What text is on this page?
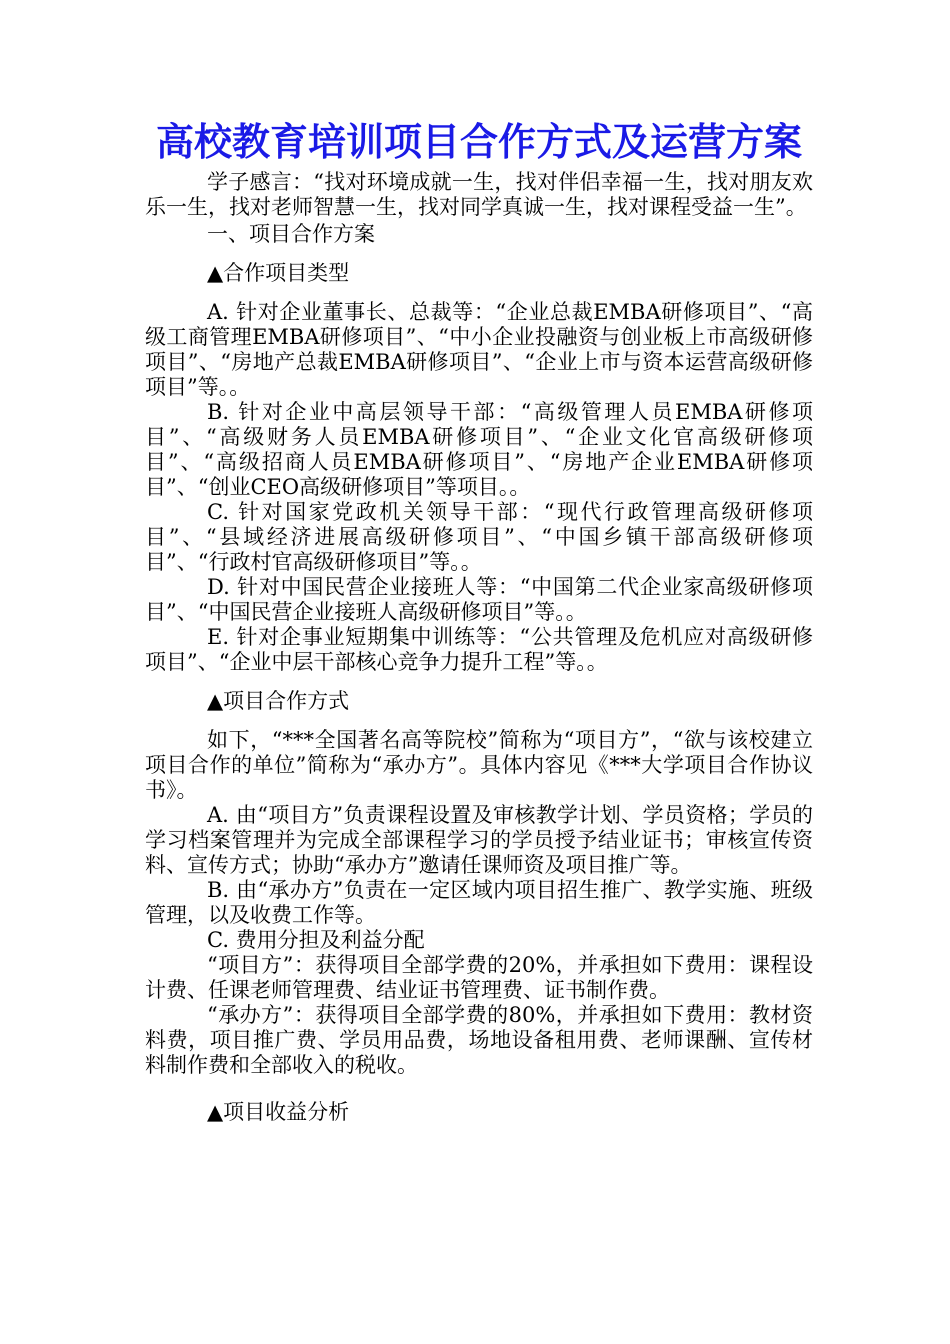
高校教育培训项目合作方式及运营方案

学子感言：“找对环境成就一生，找对伴侣幸福一生，找对朋友欢乐一生，找对老师智慧一生，找对同学真诚一生，找对课程受益一生”。

一、项目合作方案

▲合作项目类型

A. 针对企业董事长、总裁等：“企业总裁EMBA研修项目”、“高级工商管理EMBA研修项目”、“中小企业投融资与创业板上市高级研修项目”、“房地产总裁EMBA研修项目”、“企业上市与资本运营高级研修项目”等。。

B. 针对企业中高层领导干部：“高级管理人员EMBA研修项目”、“高级财务人员EMBA研修项目”、“企业文化官高级研修项目”、“高级招商人员EMBA研修项目”、“房地产企业EMBA研修项目”、“创业CEO高级研修项目”等项目。。

C. 针对国家党政机关领导干部：“现代行政管理高级研修项目”、“县域经济进展高级研修项目”、“中国乡镇干部高级研修项目”、“行政村官高级研修项目”等。。

D. 针对中国民营企业接班人等：“中国第二代企业家高级研修项目”、“中国民营企业接班人高级研修项目”等。。

E. 针对企事业短期集中训练等：“公共管理及危机应对高级研修项目”、“企业中层干部核心竞争力提升工程”等。。

▲项目合作方式

如下，“***全国著名高等院校”简称为“项目方”，“欲与该校建立项目合作的单位”简称为“承办方”。具体内容见《***大学项目合作协议书》。

A. 由“项目方”负责课程设置及审核教学计划、学员资格；学员的学习档案管理并为完成全部课程学习的学员授予结业证书；审核宣传资料、宣传方式；协助“承办方”邀请任课师资及项目推广等。

B. 由“承办方”负责在一定区域内项目招生推广、教学实施、班级管理，以及收费工作等。

C. 费用分担及利益分配

“项目方”：获得项目全部学费的20%，并承担如下费用：课程设计费、任课老师管理费、结业证书管理费、证书制作费。

“承办方”：获得项目全部学费的80%，并承担如下费用：教材资料费，项目推广费、学员用品费，场地设备租用费、老师课酬、宣传材料制作费和全部收入的税收。

▲项目收益分析
